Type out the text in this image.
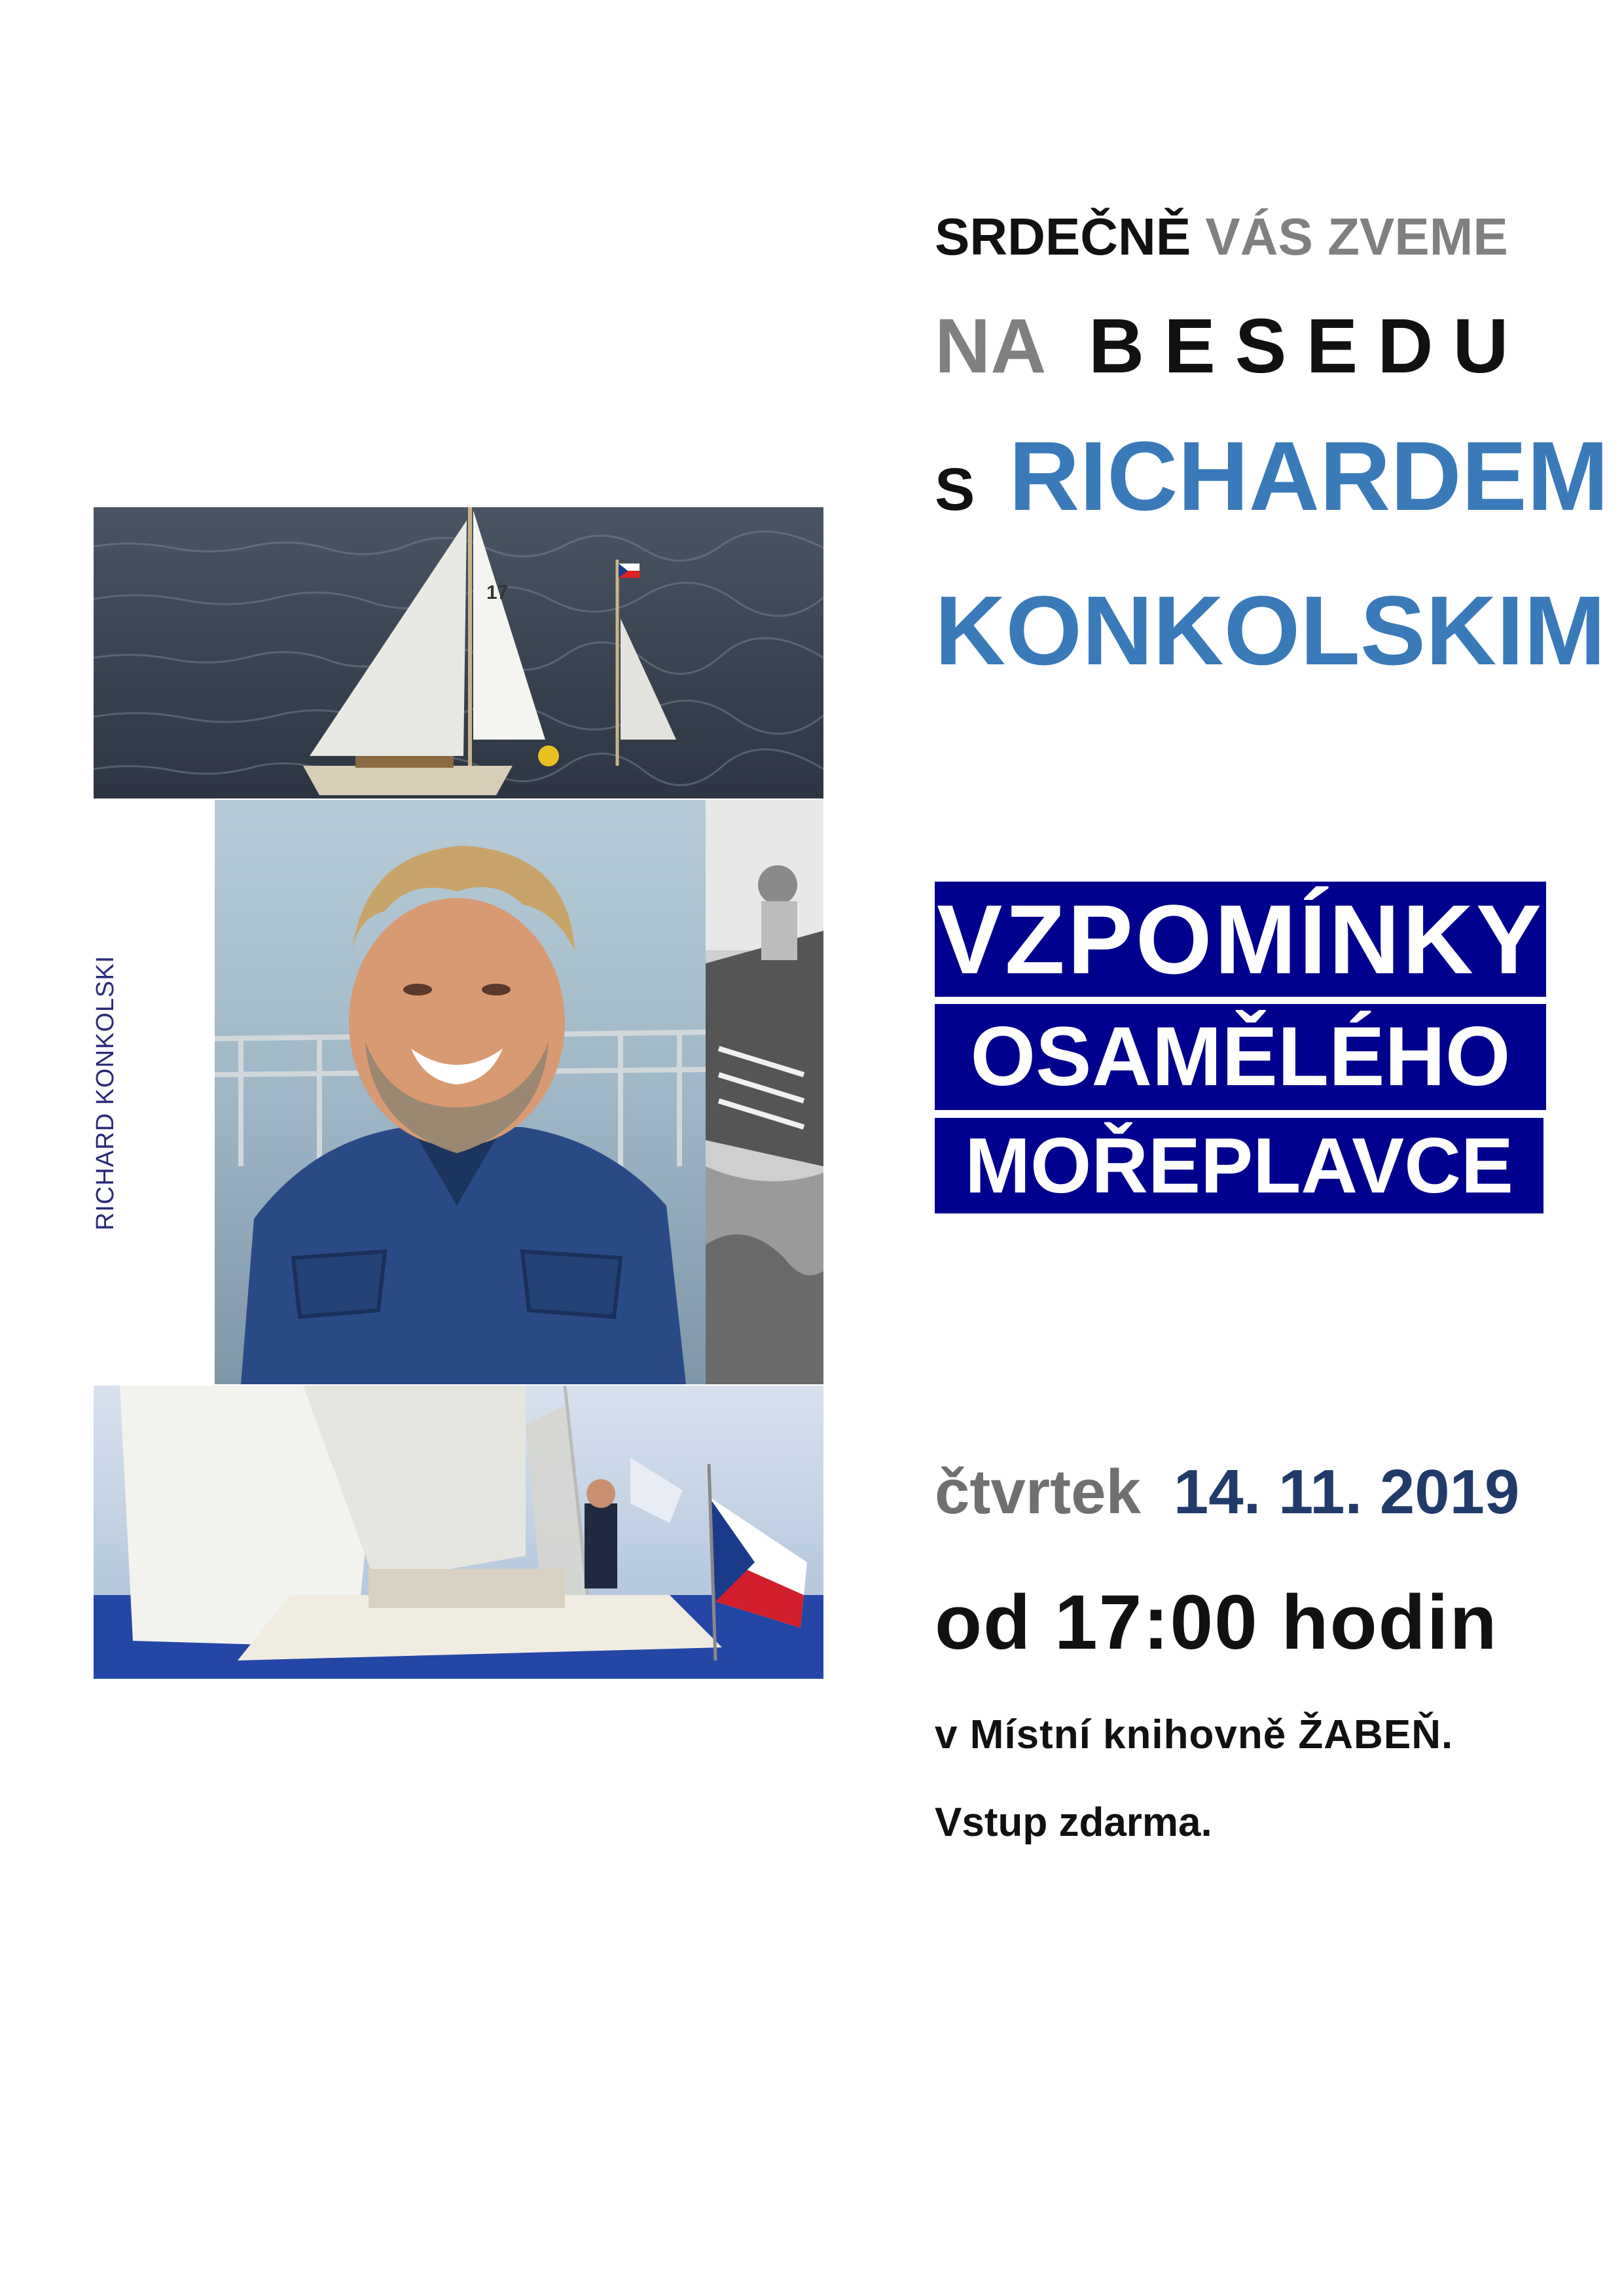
17
RICHARD KONKOLSKI
SRDEČNĚ VÁS ZVEME
NA BESEDU
S RICHARDEM
KONKOLSKIM
VZPOMÍNKY
OSAMĚLÉHO
MOŘEPLAVCE
čtvrtek 14. 11. 2019
od 17:00 hodin
v Místní knihovně ŽABEŇ.
Vstup zdarma.
